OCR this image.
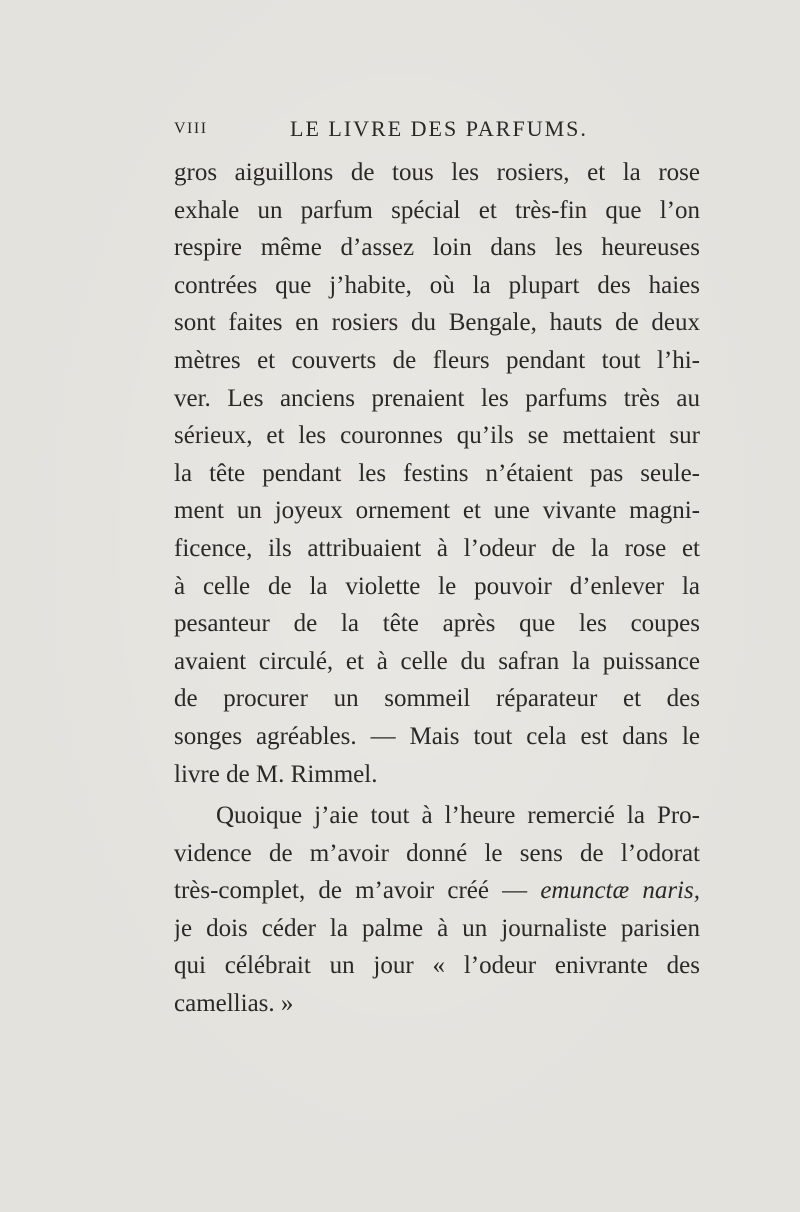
VIII	LE LIVRE DES PARFUMS.
gros aiguillons de tous les rosiers, et la rose
exhale un parfum spécial et très-fin que l’on
respire même d’assez loin dans les heureuses
contrées que j’habite, où la plupart des haies
sont faites en rosiers du Bengale, hauts de deux
mètres et couverts de fleurs pendant tout l’hi-
ver. Les anciens prenaient les parfums très au
sérieux, et les couronnes qu’ils se mettaient sur
la tête pendant les festins n’étaient pas seule-
ment un joyeux ornement et une vivante magni-
ficence, ils attribuaient à l’odeur de la rose et
à celle de la violette le pouvoir d’enlever la
pesanteur de la tête après que les coupes
avaient circulé, et à celle du safran la puissance
de procurer un sommeil réparateur et des
songes agréables. — Mais tout cela est dans le
livre de M. Rimmel.
Quoique j’aie tout à l’heure remercié la Pro-
vidence de m’avoir donné le sens de l’odorat
très-complet, de m’avoir créé — emunctæ naris,
je dois céder la palme à un journaliste parisien
qui célébrait un jour « l’odeur enivrante des
camellias. »
